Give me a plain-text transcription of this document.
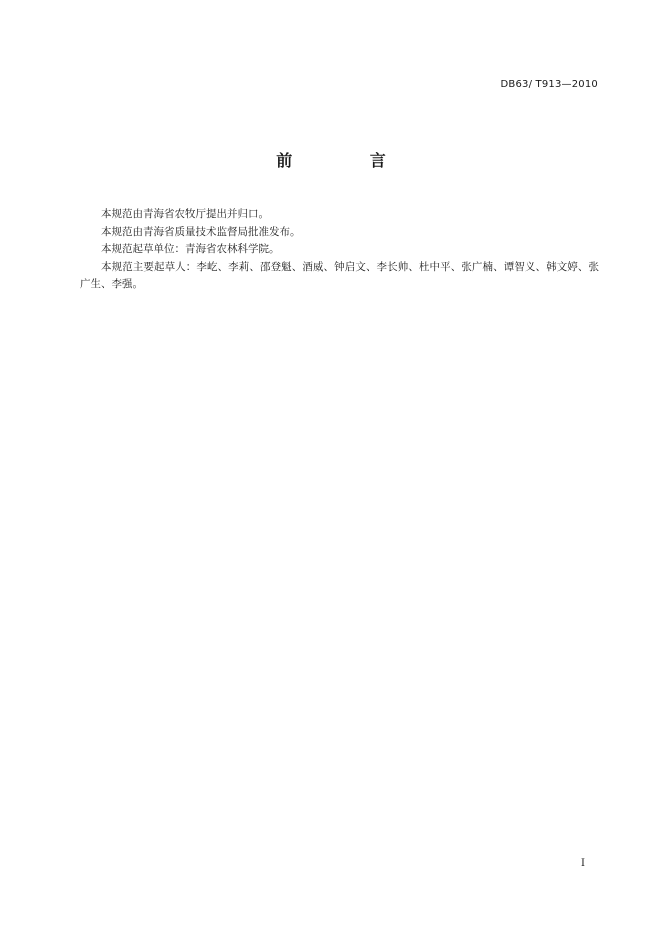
DB63/ T913—2010
前 言

本规范由青海省农牧厅提出并归口。

本规范由青海省质量技术监督局批准发布。

本规范起草单位：青海省农林科学院。

本规范主要起草人：李屹、李莉、邵登魁、酒威、钟启文、李长帅、杜中平、张广楠、谭智义、韩文婷、张广生、李强。

I
